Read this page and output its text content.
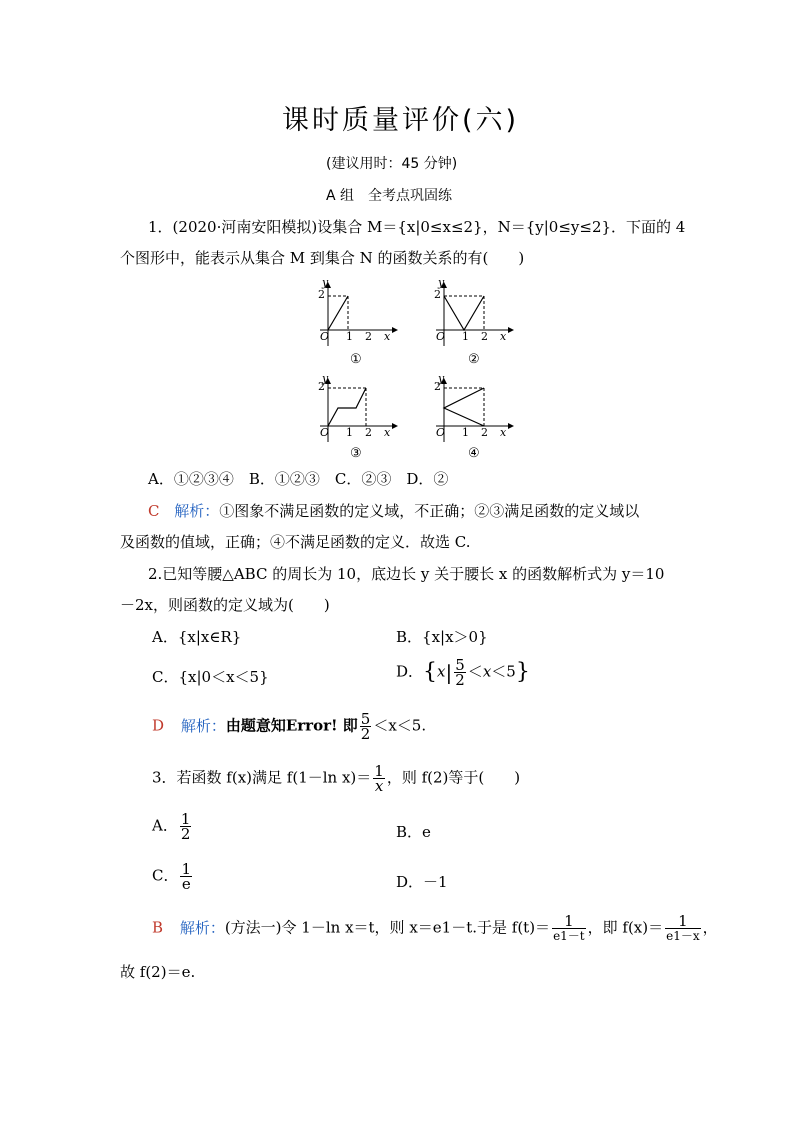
课时质量评价(六)
(建议用时：45 分钟)
A 组　全考点巩固练
1．(2020·河南安阳模拟)设集合 M＝{x|0≤x≤2}，N＝{y|0≤y≤2}．下面的 4
个图形中，能表示从集合 M 到集合 N 的函数关系的有(　　)
y
2
O 1 2 x
①
y
2
O 1 2 x
②
y
2
O 1 2 x
③
y
2
O 1 2 x
④
A．①②③④　B．①②③　C．②③　D．②
C 解析：①图象不满足函数的定义域，不正确；②③满足函数的定义域以
及函数的值域，正确；④不满足函数的定义．故选 C.
2.已知等腰△ABC 的周长为 10，底边长 y 关于腰长 x 的函数解析式为 y＝10
－2x，则函数的定义域为(　　)
A．{x|x∈R}	B．{x|x＞0}
C．{x|0＜x＜5}	D．$\{x| \frac{5}{2} <x<5\}$
D 解析：由题意知Error! 即 $\frac{5}{2} <x<5$.
3．若函数 f(x)满足 f(1－ln $x)= \frac{1}{x}$ ，则 f(2)等于(　　)
A． $\frac{1}{2}$	B．e
C． $\frac{1}{e}$	D．－1
B 解析：(方法一)令 1－ln x＝t，则 x＝e1－t.于是 $f(t)= \frac{1}{e1-t}$ ，即 $f(x)= \frac{1}{e1-x}$ ，
故 f(2)＝e.
